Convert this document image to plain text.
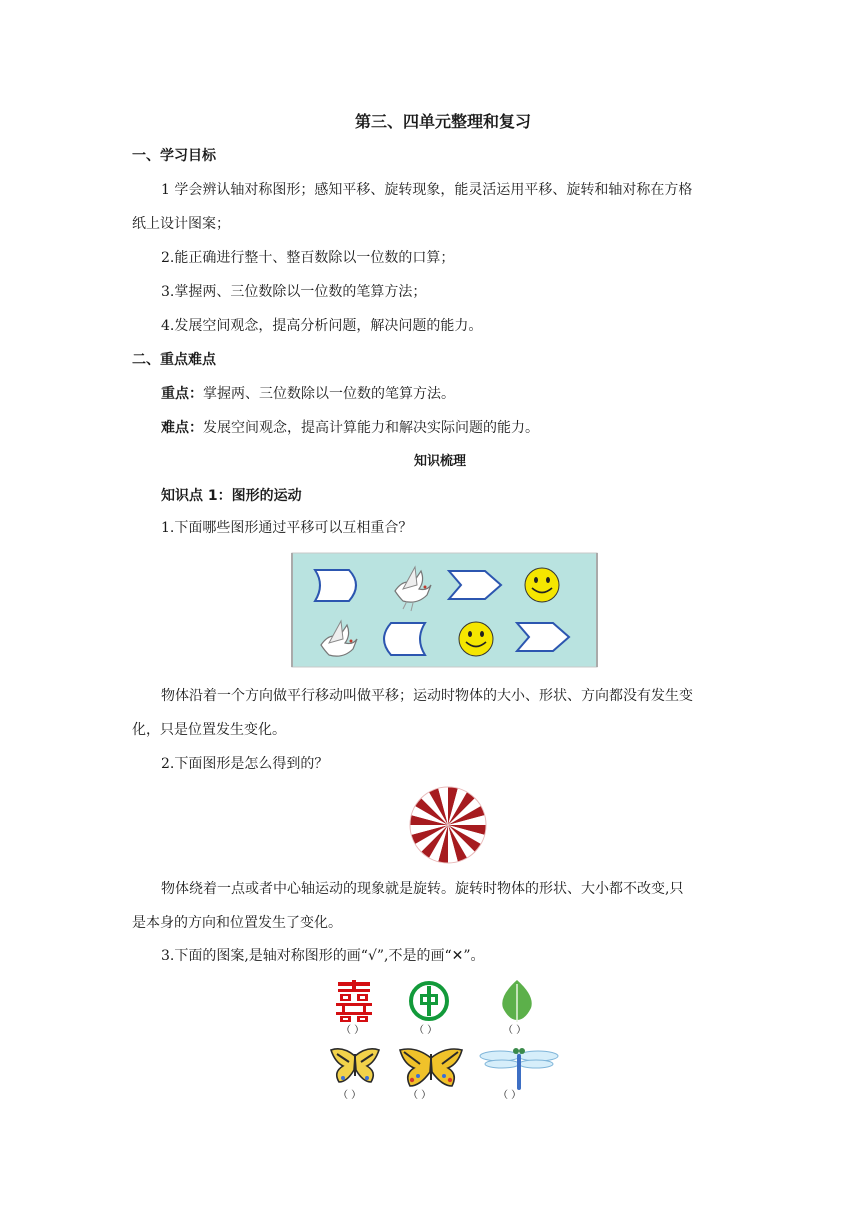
第三、四单元整理和复习
一、学习目标
1 学会辨认轴对称图形；感知平移、旋转现象，能灵活运用平移、旋转和轴对称在方格
纸上设计图案；
2.能正确进行整十、整百数除以一位数的口算；
3.掌握两、三位数除以一位数的笔算方法；
4.发展空间观念，提高分析问题，解决问题的能力。
二、重点难点
重点：掌握两、三位数除以一位数的笔算方法。
难点：发展空间观念，提高计算能力和解决实际问题的能力。
知识梳理
知识点 1：图形的运动
1.下面哪些图形通过平移可以互相重合？
物体沿着一个方向做平行移动叫做平移；运动时物体的大小、形状、方向都没有发生变
化，只是位置发生变化。
2.下面图形是怎么得到的？
物体绕着一点或者中心轴运动的现象就是旋转。旋转时物体的形状、大小都不改变,只
是本身的方向和位置发生了变化。
3.下面的图案,是轴对称图形的画“√”,不是的画“✕”。
（ ）	（ ）	（ ）
（ ）	（ ）	（ ）
